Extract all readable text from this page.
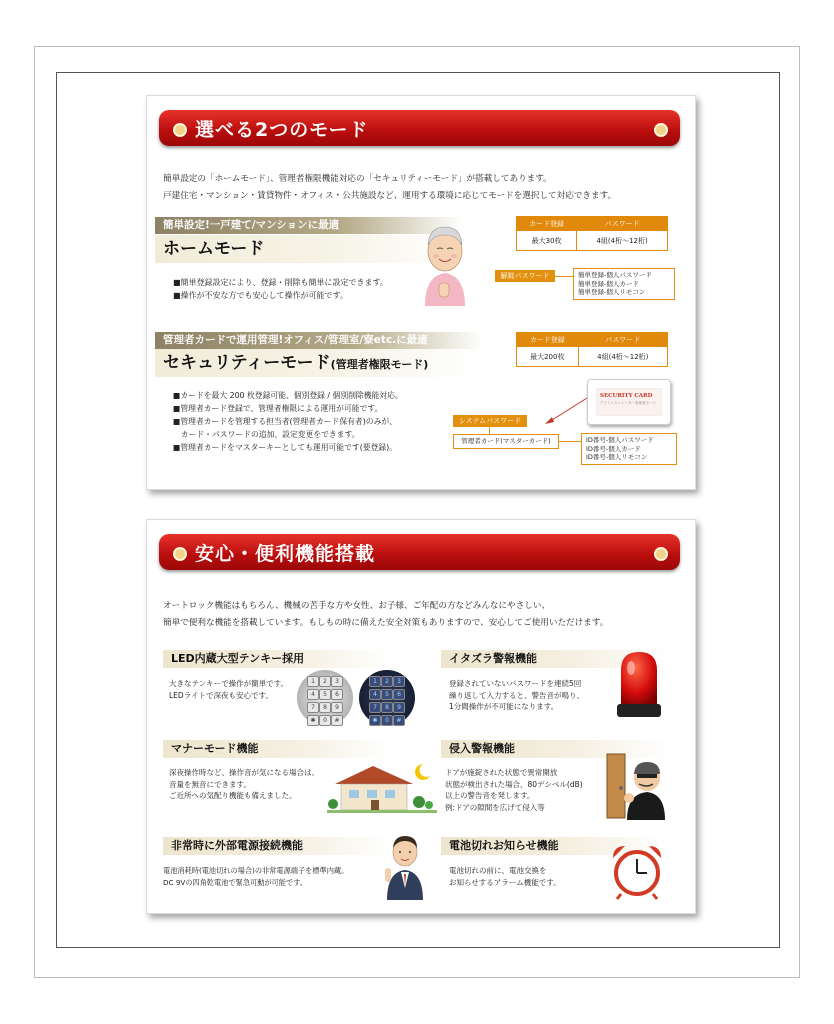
選べる2つのモード
簡単設定の「ホームモード」、管理者権限機能対応の「セキュリティーモード」が搭載してあります。
戸建住宅・マンション・賃貸物件・オフィス・公共施設など、運用する環境に応じてモードを選択して対応できます。
簡単設定!一戸建て/マンションに最適
ホームモード
■簡単登録設定により、登録・削除も簡単に設定できます。
■操作が不安な方でも安心して操作が可能です。
カード登録	パスワード
最大30枚	4組(4桁〜12桁)
解錠パスワード	簡単登録-個人パスワード
簡単登録-個人カード
簡単登録-個人リモコン
管理者カードで運用管理!オフィス/管理室/寮etc.に最適
セキュリティーモード(管理者権限モード)
■カードを最大 200 枚登録可能、個別登録 / 個別削除機能対応。
■管理者カード登録で、管理者権限による運用が可能です。
■管理者カードを管理する担当者(管理者カード保有者)のみが、
　カード・パスワードの追加、設定変更をできます。
■管理者カードをマスターキーとしても運用可能です(要登録)。
カード登録	パスワード
最大200枚	4組(4桁〜12桁)
SECURITY CARD
アドミニストレーター管理者カード
システムパスワード
管理者カード(マスターカード)	ID番号-個人パスワード
ID番号-個人カード
ID番号-個人リモコン
安心・便利機能搭載
オートロック機能はもちろん、機械の苦手な方や女性、お子様、ご年配の方などみんなにやさしい、
簡単で便利な機能を搭載しています。もしもの時に備えた安全対策もありますので、安心してご使用いただけます。
LED内蔵大型テンキー採用
大きなテンキーで操作が簡単です。
LEDライトで深夜も安心です。
1	2	3
4	5	6
7	8	9
✱	0	#
1	2	3
4	5	6
7	8	9
✱	0	#
イタズラ警報機能
登録されていないパスワードを連続5回
繰り返して入力すると、警告音が鳴り、
1分間操作が不可能になります。
マナーモード機能
深夜操作時など、操作音が気になる場合は、
音量を無音にできます。
ご近所への気配り機能も備えました。
侵入警報機能
ドアが施錠された状態で異常開放
状態が検出された場合、80デシベル(dB)
以上の警告音を発します。
例:ドアの隙間を広げて侵入等
非常時に外部電源接続機能
電池消耗時(電池切れの場合)の非常電源端子を標準内蔵。
DC 9Vの四角乾電池で緊急可動が可能です。
電池切れお知らせ機能
電池切れの前に、電池交換を
お知らせするアラーム機能です。
